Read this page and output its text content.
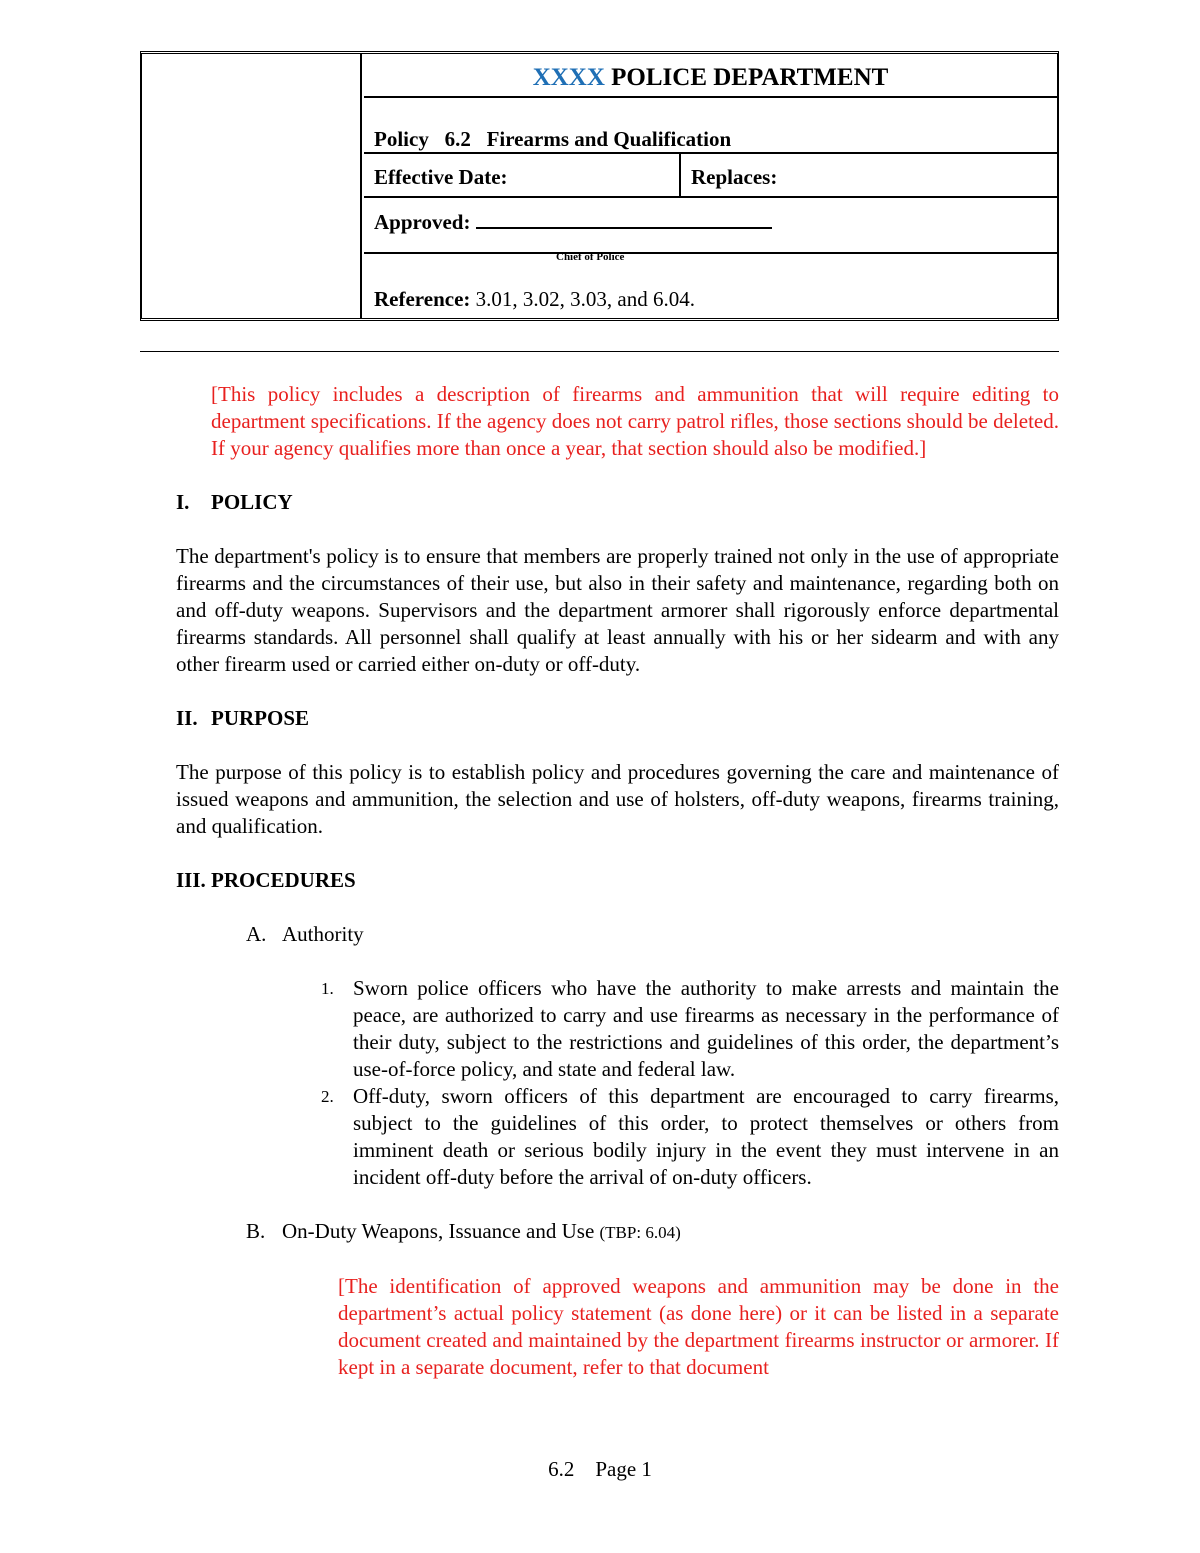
XXXX POLICE DEPARTMENT
Policy 6.2 Firearms and Qualification
Effective Date:	Replaces:
Approved:
Chief of Police
Reference: 3.01, 3.02, 3.03, and 6.04.

[This policy includes a description of firearms and ammunition that will require editing to department specifications. If the agency does not carry patrol rifles, those sections should be deleted. If your agency qualifies more than once a year, that section should also be modified.]

I. POLICY

The department's policy is to ensure that members are properly trained not only in the use of appropriate firearms and the circumstances of their use, but also in their safety and maintenance, regarding both on and off-duty weapons. Supervisors and the department armorer shall rigorously enforce departmental firearms standards. All personnel shall qualify at least annually with his or her sidearm and with any other firearm used or carried either on-duty or off-duty.

II. PURPOSE

The purpose of this policy is to establish policy and procedures governing the care and maintenance of issued weapons and ammunition, the selection and use of holsters, off-duty weapons, firearms training, and qualification.

III. PROCEDURES
A. Authority
1. Sworn police officers who have the authority to make arrests and maintain the peace, are authorized to carry and use firearms as necessary in the performance of their duty, subject to the restrictions and guidelines of this order, the department’s use-of-force policy, and state and federal law.
2. Off-duty, sworn officers of this department are encouraged to carry firearms, subject to the guidelines of this order, to protect themselves or others from imminent death or serious bodily injury in the event they must intervene in an incident off-duty before the arrival of on-duty officers.
B. On-Duty Weapons, Issuance and Use (TBP: 6.04)

[The identification of approved weapons and ammunition may be done in the department’s actual policy statement (as done here) or it can be listed in a separate document created and maintained by the department firearms instructor or armorer. If kept in a separate document, refer to that document

6.2 Page 1
